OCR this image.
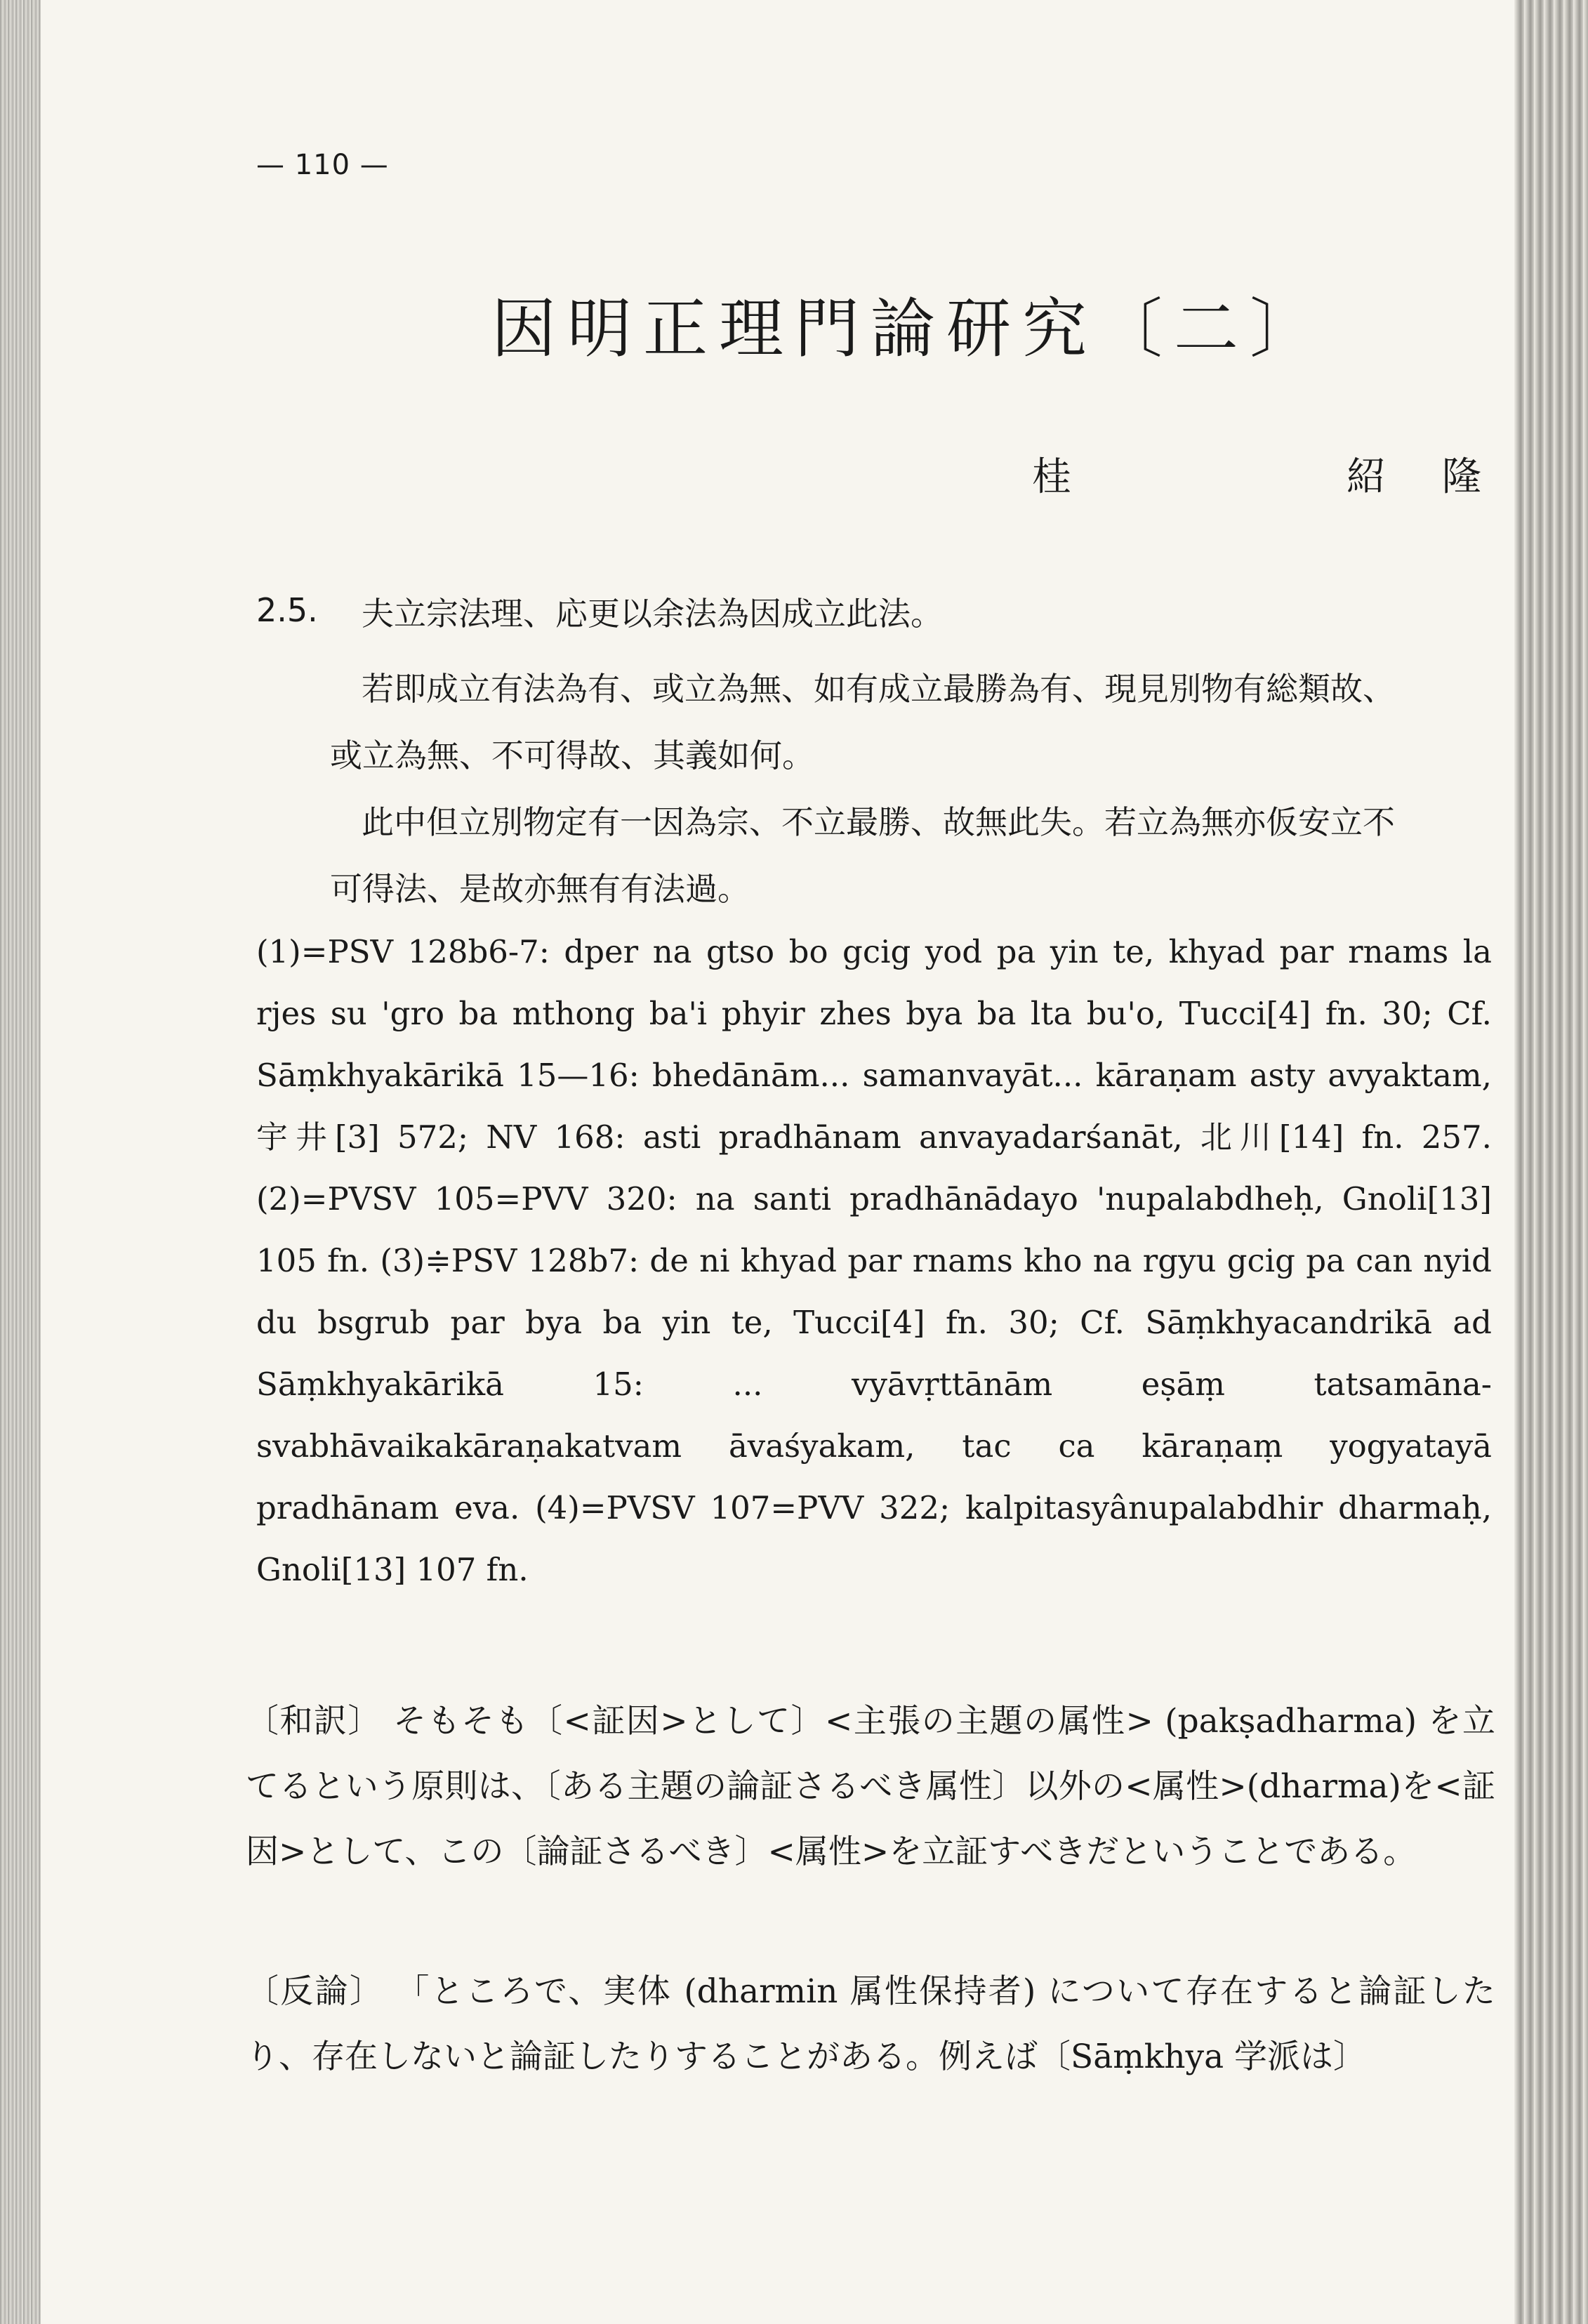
— 110 —
因明正理門論研究〔二〕
桂	紹 隆
2.5. 夫立宗法理、応更以余法為因成立此法。
若即成立有法為有、或立為無、如有成立最勝為有、現見別物有総類故、
或立為無、不可得故、其義如何。
此中但立別物定有一因為宗、不立最勝、故無此失。若立為無亦仮安立不
可得法、是故亦無有有法過。

(1)=PSV 128b6-7: dper na gtso bo gcig yod pa yin te, khyad par rnams la rjes su 'gro ba mthong ba'i phyir zhes bya ba lta bu'o, Tucci[4] fn. 30; Cf. Sāṃkhyakārikā 15—16: bhedānām... samanvayāt... kāraṇam asty avyaktam, 宇井[3] 572; NV 168: asti pradhānam anvayadarśanāt, 北川[14] fn. 257. (2)=PVSV 105=PVV 320: na santi pradhānādayo 'nupalabdheḥ, Gnoli[13] 105 fn. (3)≑PSV 128b7: de ni khyad par rnams kho na rgyu gcig pa can nyid du bsgrub par bya ba yin te, Tucci[4] fn. 30; Cf. Sāṃkhyacandrikā ad Sāṃkhyakārikā 15: ... vyāvṛttānām eṣāṃ tatsamāna-svabhāvaikakāraṇakatvam āvaśyakam, tac ca kāraṇaṃ yogyatayā pradhānam eva. (4)=PVSV 107=PVV 322; kalpitasyânupalabdhir dharmaḥ, Gnoli[13] 107 fn.

〔和訳〕 そもそも〔<証因>として〕<主張の主題の属性> (pakṣadharma) を立てるという原則は、〔ある主題の論証さるべき属性〕以外の<属性>(dharma)を<証因>として、この〔論証さるべき〕<属性>を立証すべきだということである。

〔反論〕 「ところで、実体 (dharmin 属性保持者) について存在すると論証したり、存在しないと論証したりすることがある。例えば〔Sāṃkhya 学派は〕
